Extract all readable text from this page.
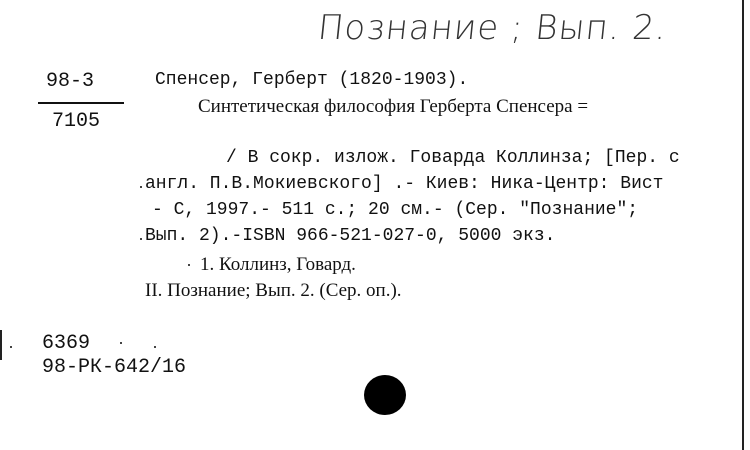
Познание ; Вып. 2.
98-3
7105
Спенсер, Герберт (1820-1903).
Синтетическая философия Герберта Спенсера =
/ В сокр. излож. Говарда Коллинза; [Пер. с
англ. П.В.Мокиевского] .- Киев: Ника-Центр: Вист
- С, 1997.- 511 с.; 20 см.- (Сер. "Познание";
Вып. 2).-ISBN 966-521-027-0, 5000 экз.
1. Коллинз, Говард.
II. Познание; Вып. 2. (Сер. оп.).
6369
98-РК-642/16
